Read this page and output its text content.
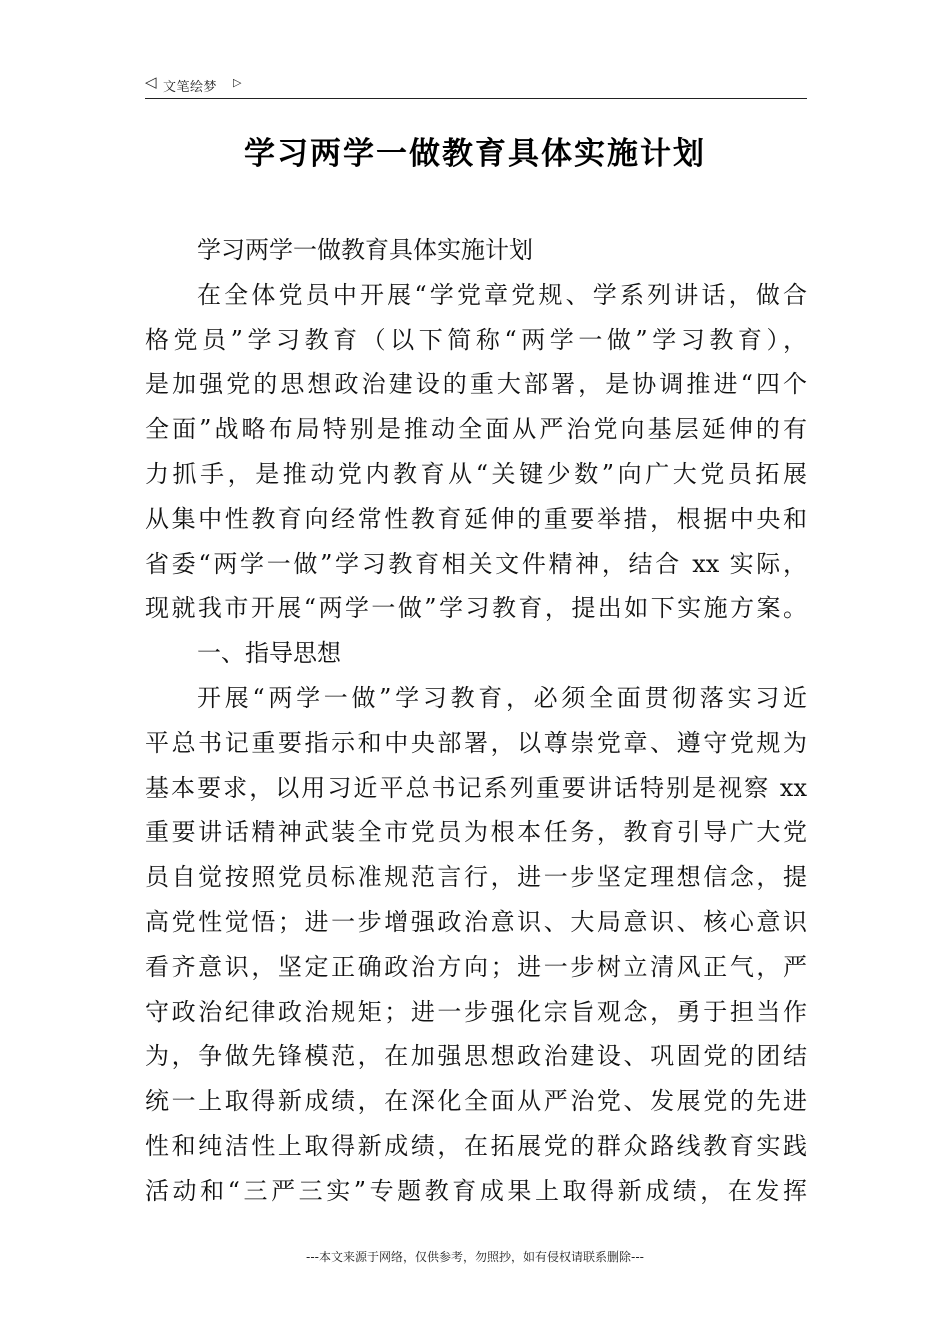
◁ 文笔绘梦 ▷
学习两学一做教育具体实施计划
学习两学一做教育具体实施计划
在全体党员中开展“学党章党规、学系列讲话，做合
格党员”学习教育（以下简称“两学一做”学习教育），
是加强党的思想政治建设的重大部署，是协调推进“四个
全面”战略布局特别是推动全面从严治党向基层延伸的有
力抓手，是推动党内教育从“关键少数”向广大党员拓展
从集中性教育向经常性教育延伸的重要举措，根据中央和
省委“两学一做”学习教育相关文件精神，结合 xx 实际，
现就我市开展“两学一做”学习教育，提出如下实施方案。
一、指导思想
开展“两学一做”学习教育，必须全面贯彻落实习近
平总书记重要指示和中央部署，以尊崇党章、遵守党规为
基本要求，以用习近平总书记系列重要讲话特别是视察 xx
重要讲话精神武装全市党员为根本任务，教育引导广大党
员自觉按照党员标准规范言行，进一步坚定理想信念，提
高党性觉悟；进一步增强政治意识、大局意识、核心意识
看齐意识，坚定正确政治方向；进一步树立清风正气，严
守政治纪律政治规矩；进一步强化宗旨观念，勇于担当作
为，争做先锋模范，在加强思想政治建设、巩固党的团结
统一上取得新成绩，在深化全面从严治党、发展党的先进
性和纯洁性上取得新成绩，在拓展党的群众路线教育实践
活动和“三严三实”专题教育成果上取得新成绩，在发挥
---本文来源于网络，仅供参考，勿照抄，如有侵权请联系删除---
